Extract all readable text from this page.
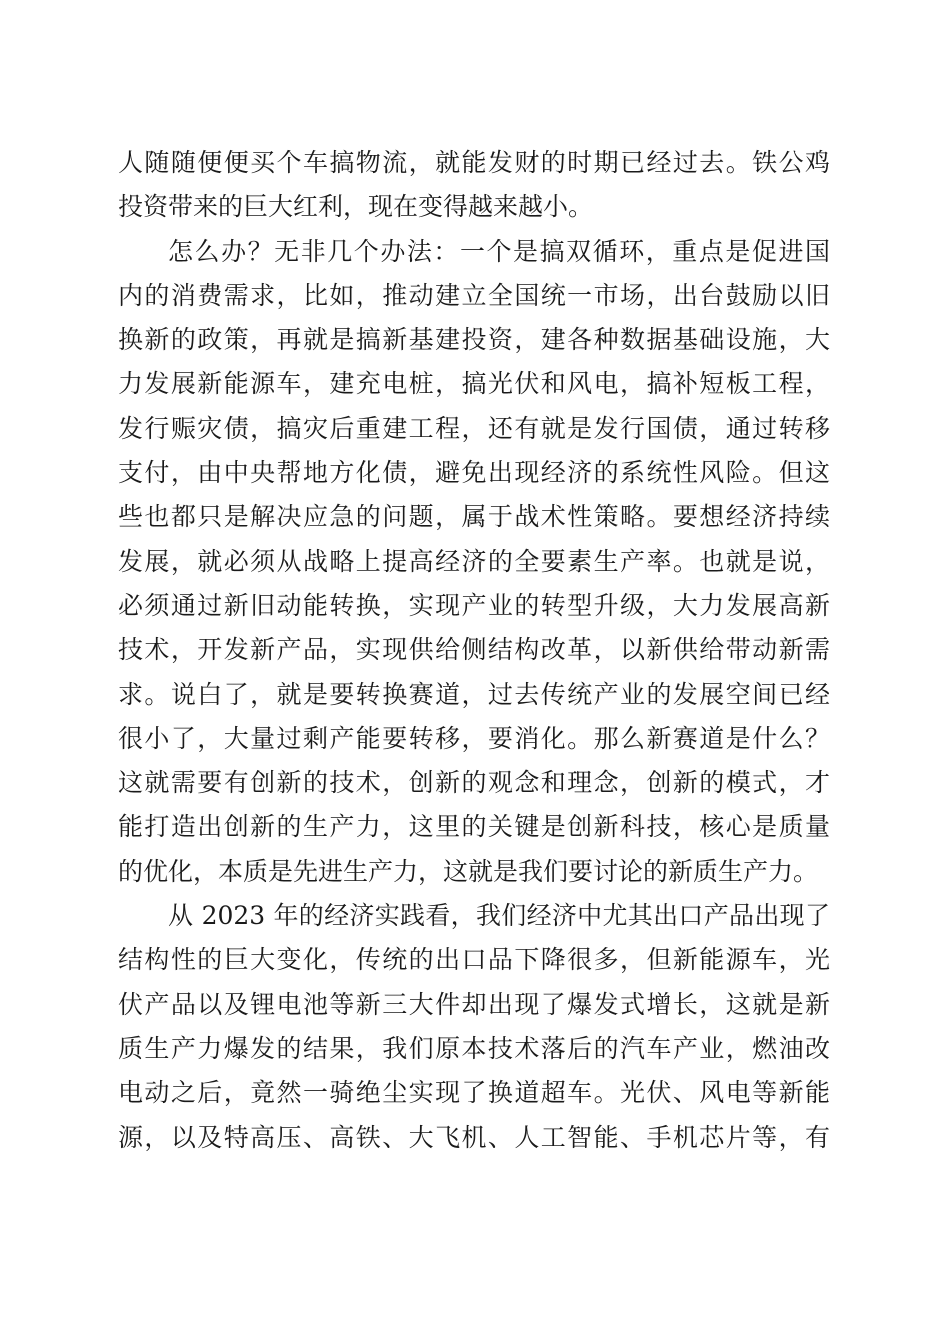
人随随便便买个车搞物流，就能发财的时期已经过去。铁公鸡
投资带来的巨大红利，现在变得越来越小。
怎么办？无非几个办法：一个是搞双循环，重点是促进国
内的消费需求，比如，推动建立全国统一市场，出台鼓励以旧
换新的政策，再就是搞新基建投资，建各种数据基础设施，大
力发展新能源车，建充电桩，搞光伏和风电，搞补短板工程，
发行赈灾债，搞灾后重建工程，还有就是发行国债，通过转移
支付，由中央帮地方化债，避免出现经济的系统性风险。但这
些也都只是解决应急的问题，属于战术性策略。要想经济持续
发展，就必须从战略上提高经济的全要素生产率。也就是说，
必须通过新旧动能转换，实现产业的转型升级，大力发展高新
技术，开发新产品，实现供给侧结构改革，以新供给带动新需
求。说白了，就是要转换赛道，过去传统产业的发展空间已经
很小了，大量过剩产能要转移，要消化。那么新赛道是什么？
这就需要有创新的技术，创新的观念和理念，创新的模式，才
能打造出创新的生产力，这里的关键是创新科技，核心是质量
的优化，本质是先进生产力，这就是我们要讨论的新质生产力。
从 2023 年的经济实践看，我们经济中尤其出口产品出现了
结构性的巨大变化，传统的出口品下降很多，但新能源车，光
伏产品以及锂电池等新三大件却出现了爆发式增长，这就是新
质生产力爆发的结果，我们原本技术落后的汽车产业，燃油改
电动之后，竟然一骑绝尘实现了换道超车。光伏、风电等新能
源，以及特高压、高铁、大飞机、人工智能、手机芯片等，有
